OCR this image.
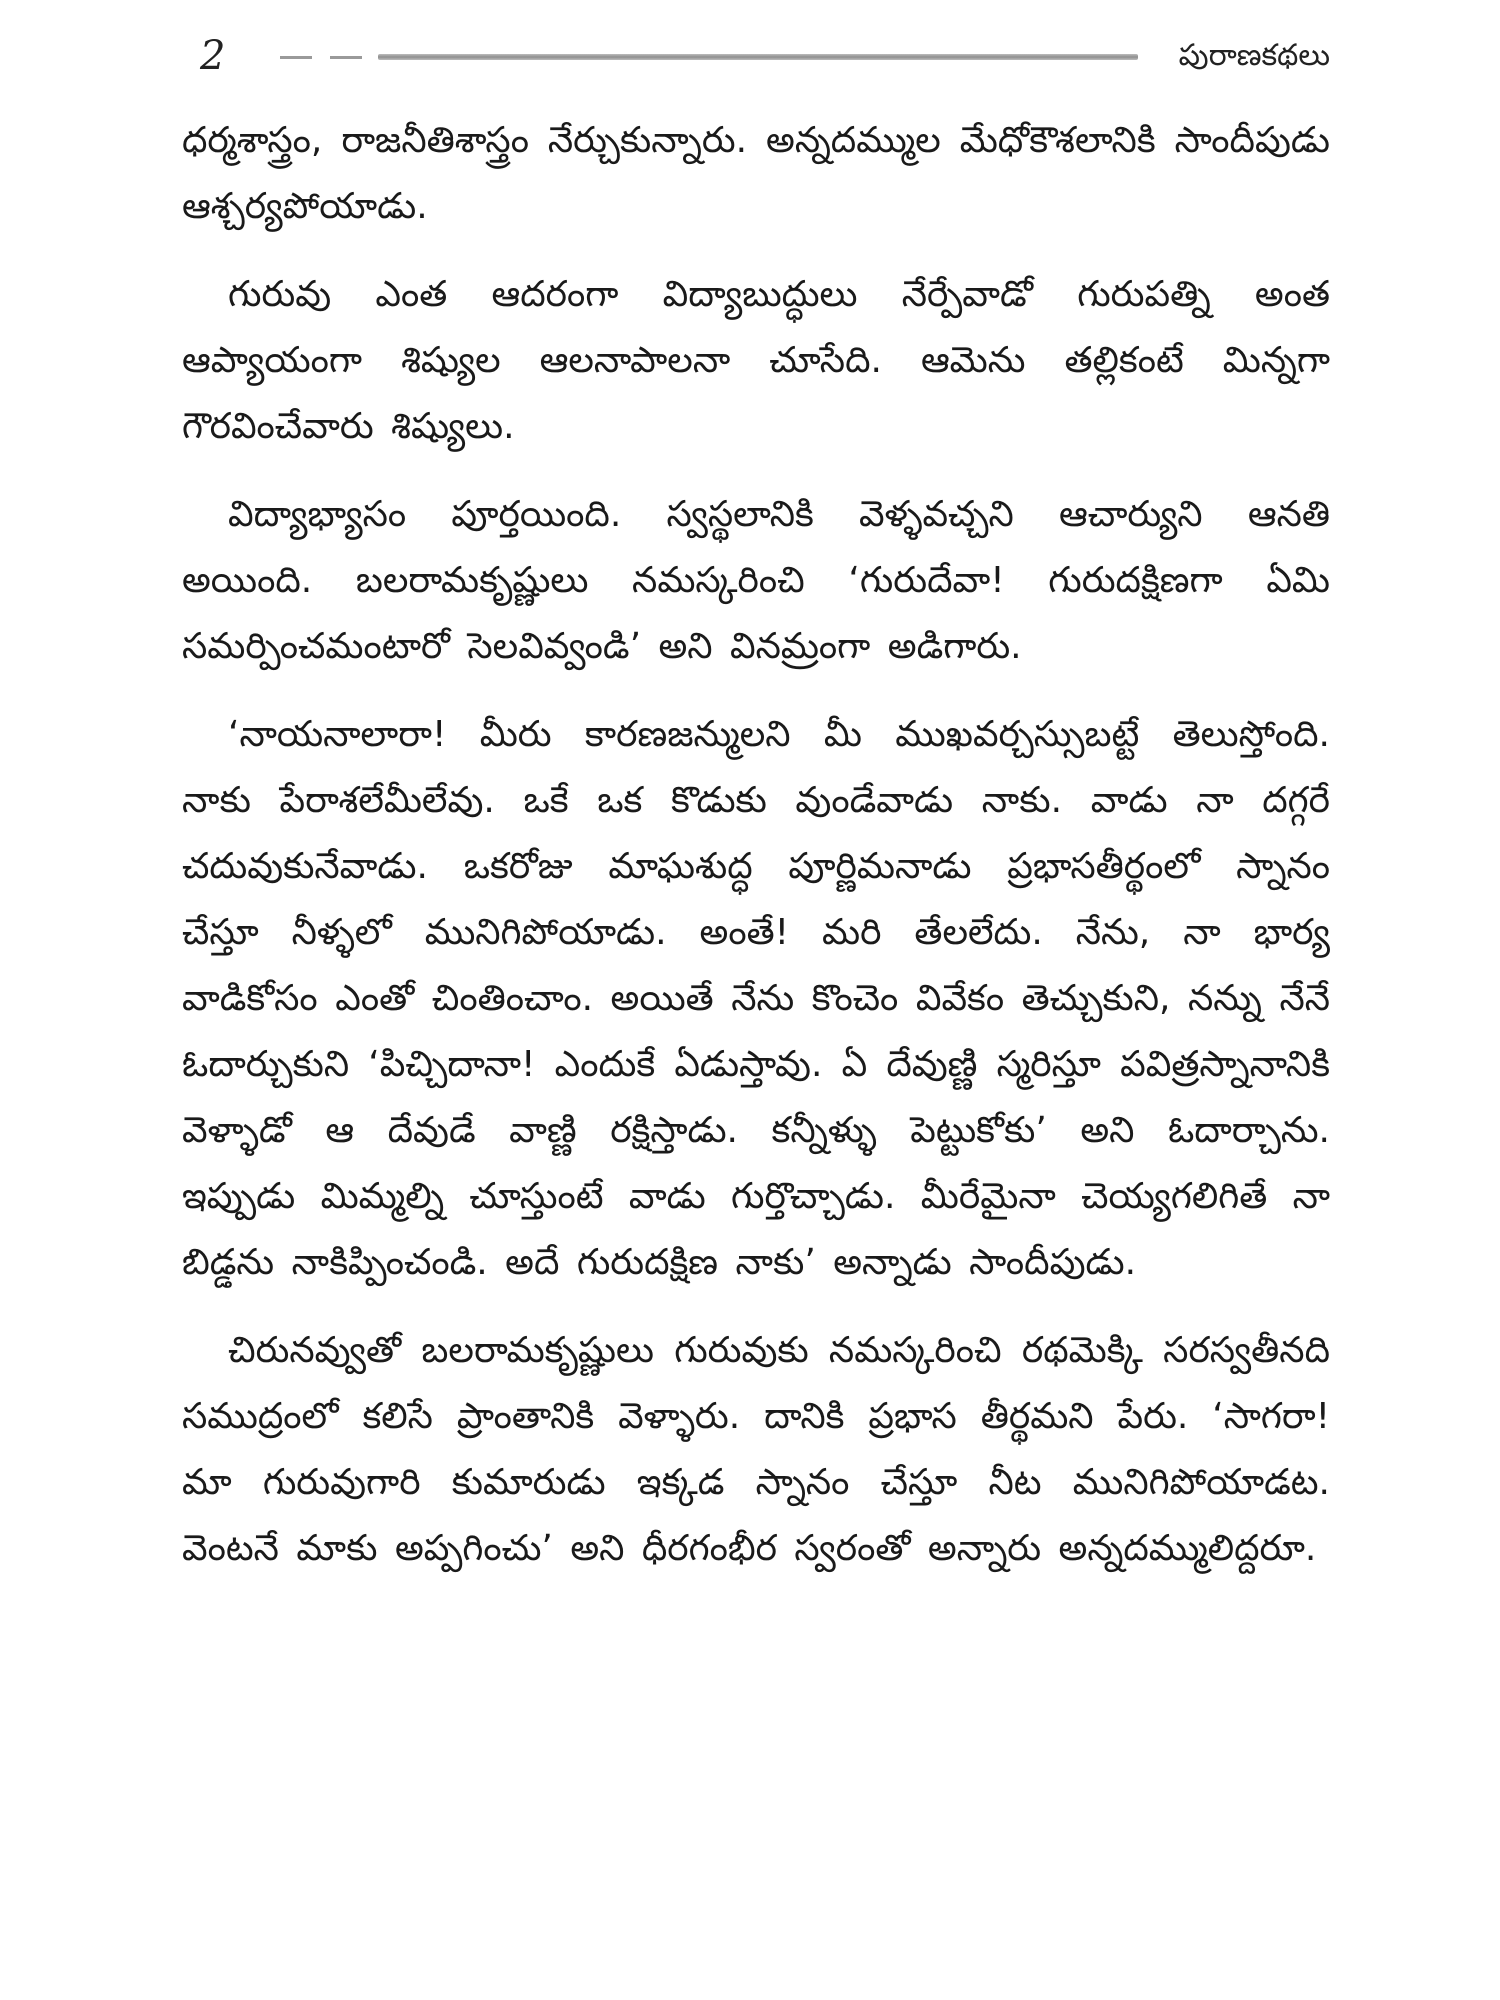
2	పురాణకథలు

ధర్మశాస్త్రం, రాజనీతిశాస్త్రం నేర్చుకున్నారు. అన్నదమ్ముల మేధోకౌశలానికి సాందీపుడు ఆశ్చర్యపోయాడు.

గురువు ఎంత ఆదరంగా విద్యాబుద్ధులు నేర్పేవాడో గురుపత్ని అంత ఆప్యాయంగా శిష్యుల ఆలనాపాలనా చూసేది. ఆమెను తల్లికంటే మిన్నగా గౌరవించేవారు శిష్యులు.

విద్యాభ్యాసం పూర్తయింది. స్వస్థలానికి వెళ్ళవచ్చని ఆచార్యుని ఆనతి అయింది. బలరామకృష్ణులు నమస్కరించి ‘గురుదేవా! గురుదక్షిణగా ఏమి సమర్పించమంటారో సెలవివ్వండి’ అని వినమ్రంగా అడిగారు.

‘నాయనాలారా! మీరు కారణజన్ములని మీ ముఖవర్చస్సుబట్టే తెలుస్తోంది. నాకు పేరాశలేమీలేవు. ఒకే ఒక కొడుకు వుండేవాడు నాకు. వాడు నా దగ్గరే చదువుకునేవాడు. ఒకరోజు మాఘశుద్ధ పూర్ణిమనాడు ప్రభాసతీర్థంలో స్నానం చేస్తూ నీళ్ళలో మునిగిపోయాడు. అంతే! మరి తేలలేదు. నేను, నా భార్య వాడికోసం ఎంతో చింతించాం. అయితే నేను కొంచెం వివేకం తెచ్చుకుని, నన్ను నేనే ఓదార్చుకుని ‘పిచ్చిదానా! ఎందుకే ఏడుస్తావు. ఏ దేవుణ్ణి స్మరిస్తూ పవిత్రస్నానానికి వెళ్ళాడో ఆ దేవుడే వాణ్ణి రక్షిస్తాడు. కన్నీళ్ళు పెట్టుకోకు’ అని ఓదార్చాను. ఇప్పుడు మిమ్మల్ని చూస్తుంటే వాడు గుర్తొచ్చాడు. మీరేమైనా చెయ్యగలిగితే నా బిడ్డను నాకిప్పించండి. అదే గురుదక్షిణ నాకు’ అన్నాడు సాందీపుడు.

చిరునవ్వుతో బలరామకృష్ణులు గురువుకు నమస్కరించి రథమెక్కి సరస్వతీనది సముద్రంలో కలిసే ప్రాంతానికి వెళ్ళారు. దానికి ప్రభాస తీర్థమని పేరు. ‘సాగరా! మా గురువుగారి కుమారుడు ఇక్కడ స్నానం చేస్తూ నీట మునిగిపోయాడట. వెంటనే మాకు అప్పగించు’ అని ధీరగంభీర స్వరంతో అన్నారు అన్నదమ్ములిద్దరూ.
